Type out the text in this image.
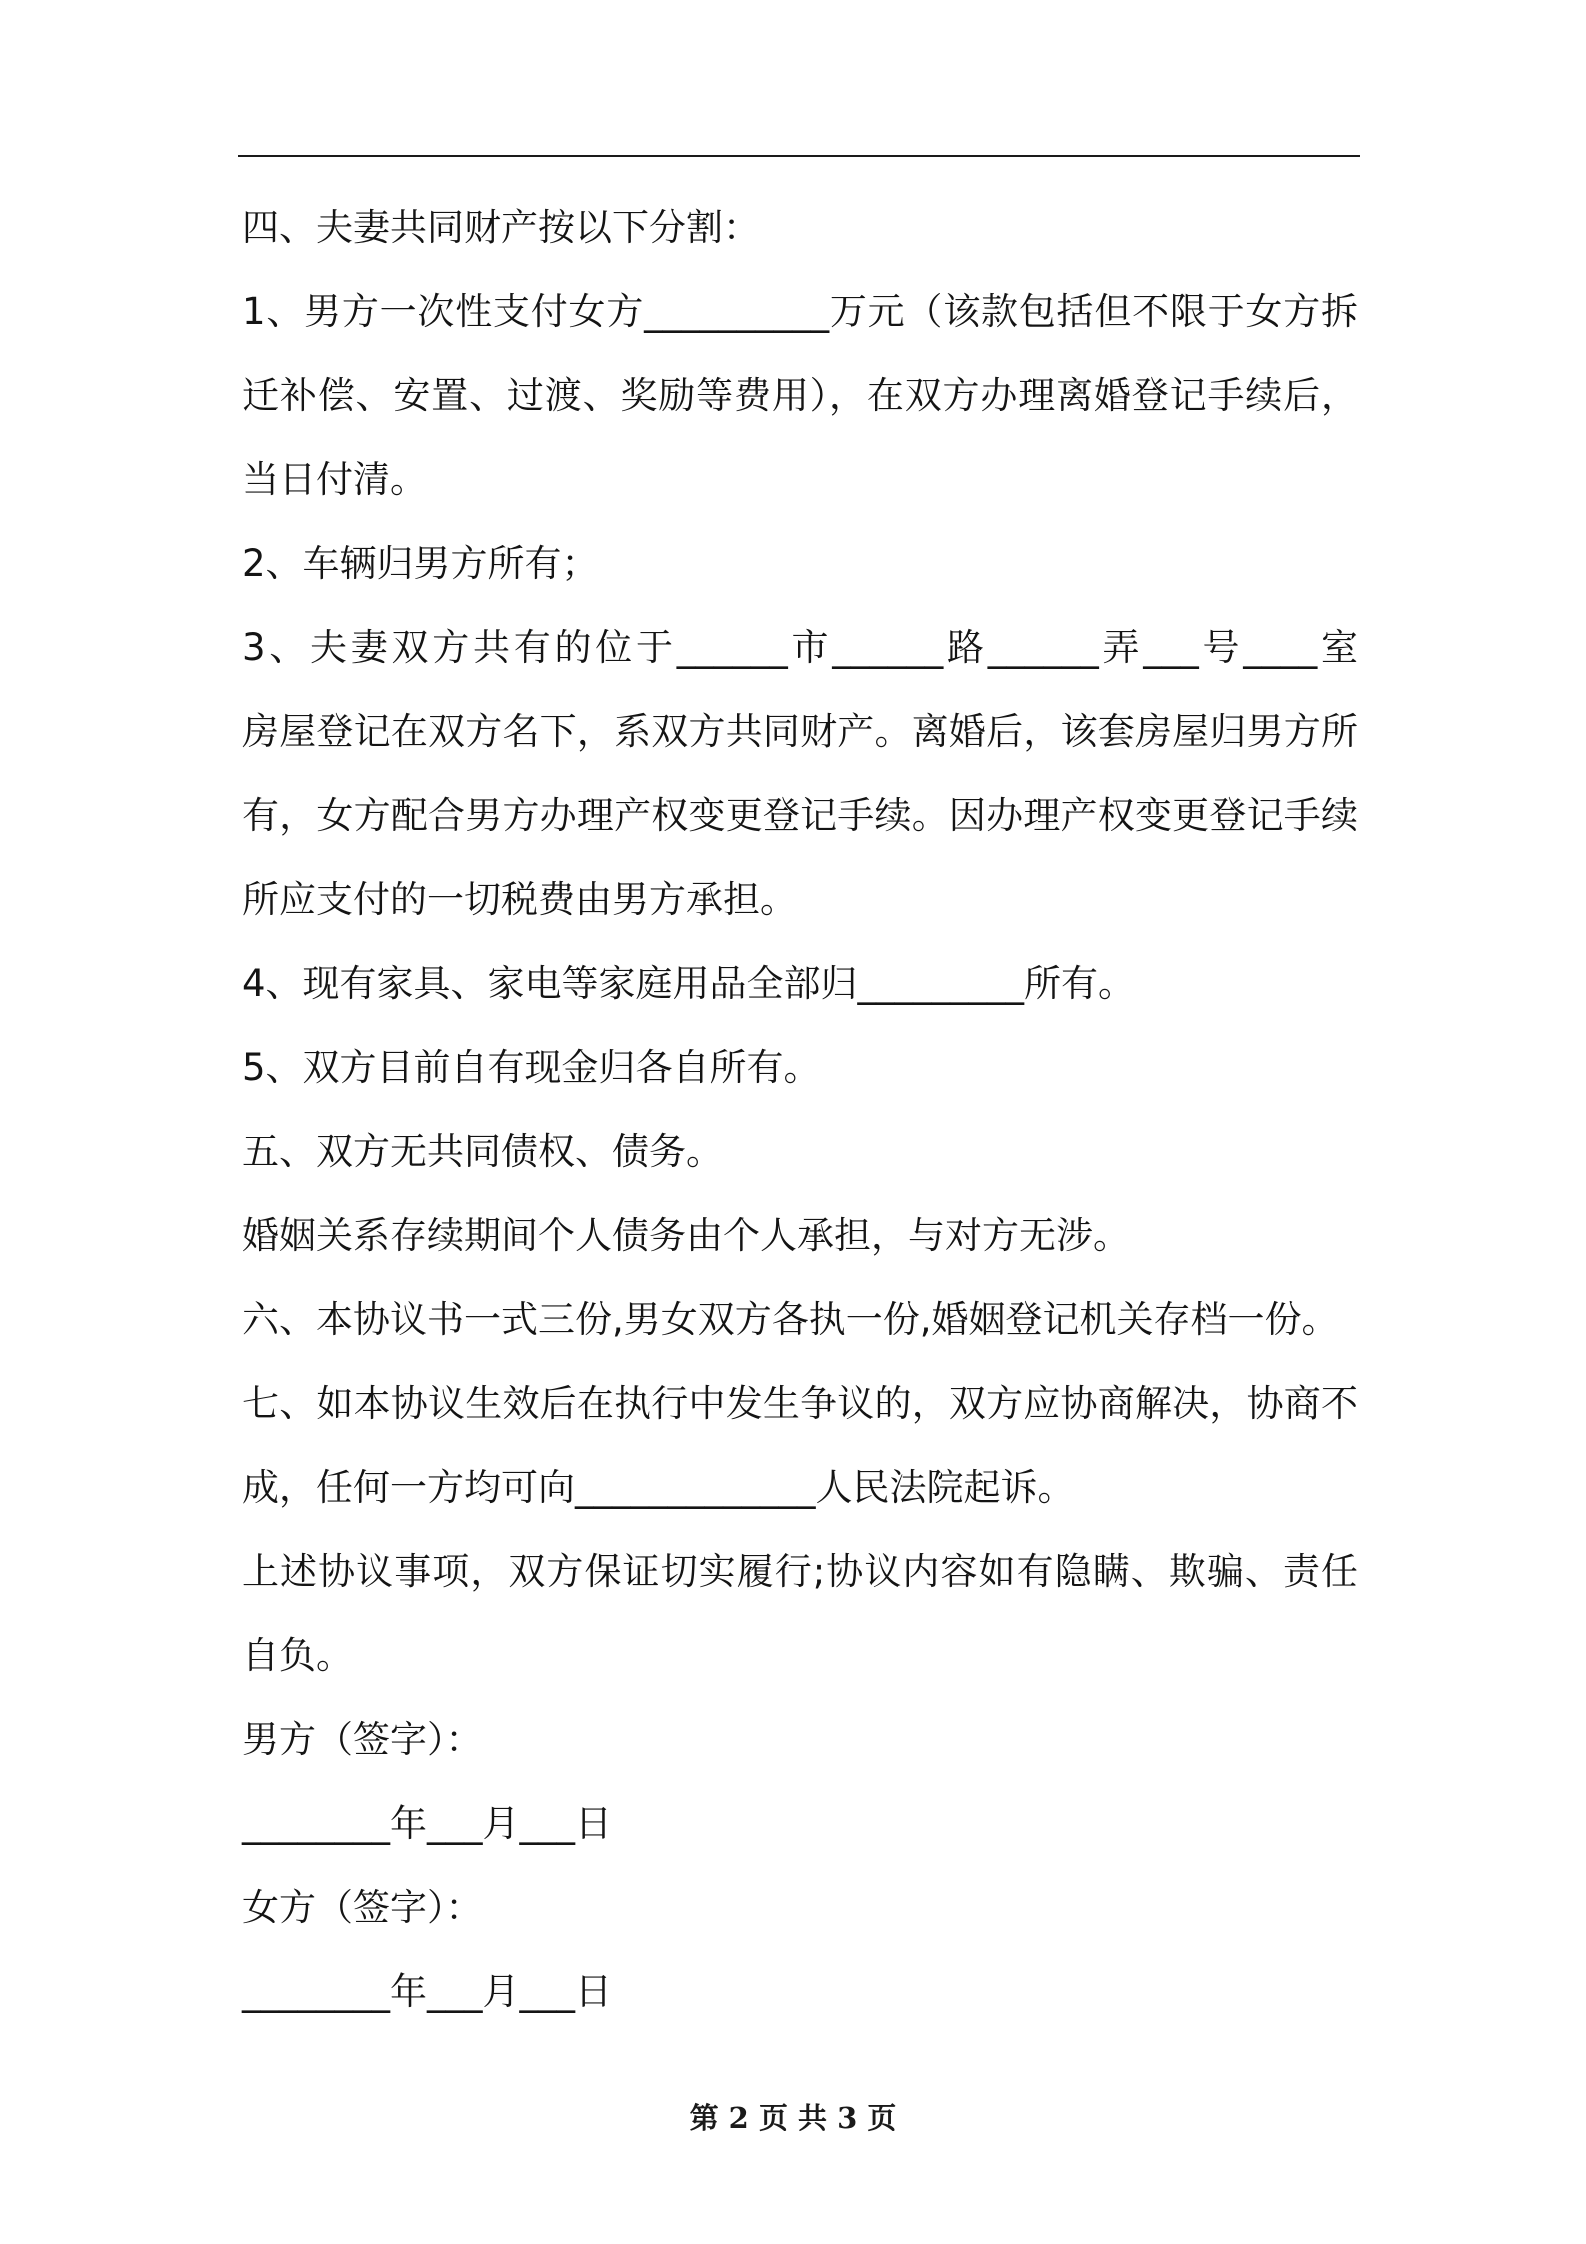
四、夫妻共同财产按以下分割：
1、男方一次性支付女方__________万元（该款包括但不限于女方拆
迁补偿、安置、过渡、奖励等费用），在双方办理离婚登记手续后，
当日付清。
2、车辆归男方所有；
3、夫妻双方共有的位于______市______路______弄___号____室
房屋登记在双方名下，系双方共同财产。离婚后，该套房屋归男方所
有，女方配合男方办理产权变更登记手续。因办理产权变更登记手续
所应支付的一切税费由男方承担。
4、现有家具、家电等家庭用品全部归_________所有。
5、双方目前自有现金归各自所有。
五、双方无共同债权、债务。
婚姻关系存续期间个人债务由个人承担，与对方无涉。
六、本协议书一式三份,男女双方各执一份,婚姻登记机关存档一份。
七、如本协议生效后在执行中发生争议的，双方应协商解决，协商不
成，任何一方均可向_____________人民法院起诉。
上述协议事项，双方保证切实履行;协议内容如有隐瞒、欺骗、责任
自负。
男方（签字）：
________年___月___日
女方（签字）：
________年___月___日
第 2 页 共 3 页
